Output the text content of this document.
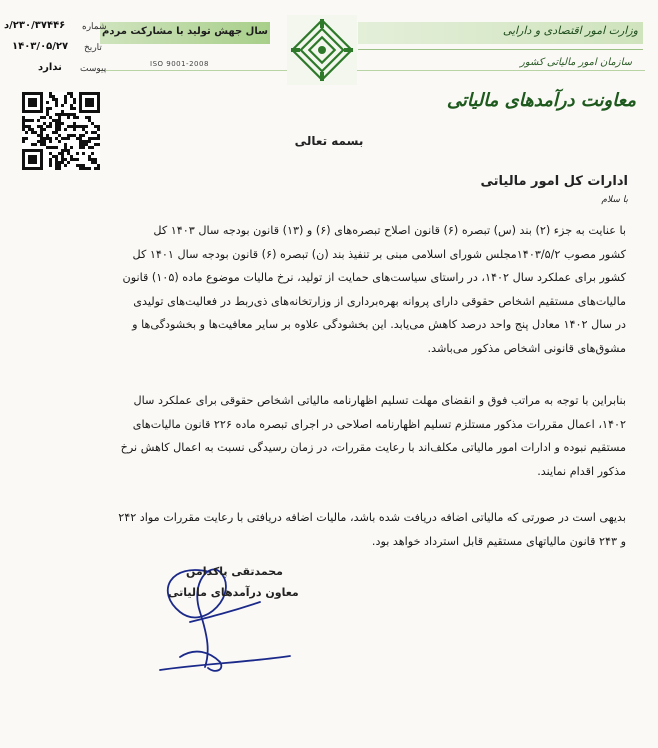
وزارت امور اقتصادی و دارایی
سازمان امور مالیاتی کشور
سال جهش تولید با مشارکت مردم
ISO 9001-2008
شماره
۲۳۰/۳۷۴۴۶/د
تاریخ
۱۴۰۳/۰۵/۲۷
پیوست
ندارد
معاونت درآمدهای مالیاتی
بسمه تعالی
ادارات کل امور مالیاتی
با سلام
با عنایت به جزء (۲) بند (س) تبصره (۶) قانون اصلاح تبصره‌های (۶) و (۱۳) قانون بودجه سال ۱۴۰۳ کل
کشور مصوب ۱۴۰۳/۵/۲مجلس شورای اسلامی مبنی بر تنفیذ بند (ن) تبصره (۶) قانون بودجه سال ۱۴۰۱ کل
کشور برای عملکرد سال ۱۴۰۲، در راستای سیاست‌های حمایت از تولید، نرخ مالیات موضوع ماده (۱۰۵) قانون
مالیات‌های مستقیم اشخاص حقوقی دارای پروانه بهره‌برداری از وزارتخانه‌های ذی‌ربط در فعالیت‌های تولیدی
در سال ۱۴۰۲ معادل پنج واحد درصد کاهش می‌یابد. این بخشودگی علاوه بر سایر معافیت‌ها و بخشودگی‌ها و
مشوق‌های قانونی اشخاص مذکور می‌باشد.
بنابراین با توجه به مراتب فوق و انقضای مهلت تسلیم اظهارنامه مالیاتی اشخاص حقوقی برای عملکرد سال
۱۴۰۲، اعمال مقررات مذکور مستلزم تسلیم اظهارنامه اصلاحی در اجرای تبصره ماده ۲۲۶ قانون مالیات‌های
مستقیم نبوده و ادارات امور مالیاتی مکلف‌اند با رعایت مقررات، در زمان رسیدگی نسبت به اعمال کاهش نرخ
مذکور اقدام نمایند.
بدیهی است در صورتی که مالیاتی اضافه دریافت شده باشد، مالیات اضافه دریافتی با رعایت مقررات مواد ۲۴۲
و ۲۴۳ قانون مالیاتهای مستقیم قابل استرداد خواهد بود.
محمدتقی پاکدامن
معاون درآمدهای مالیاتی
